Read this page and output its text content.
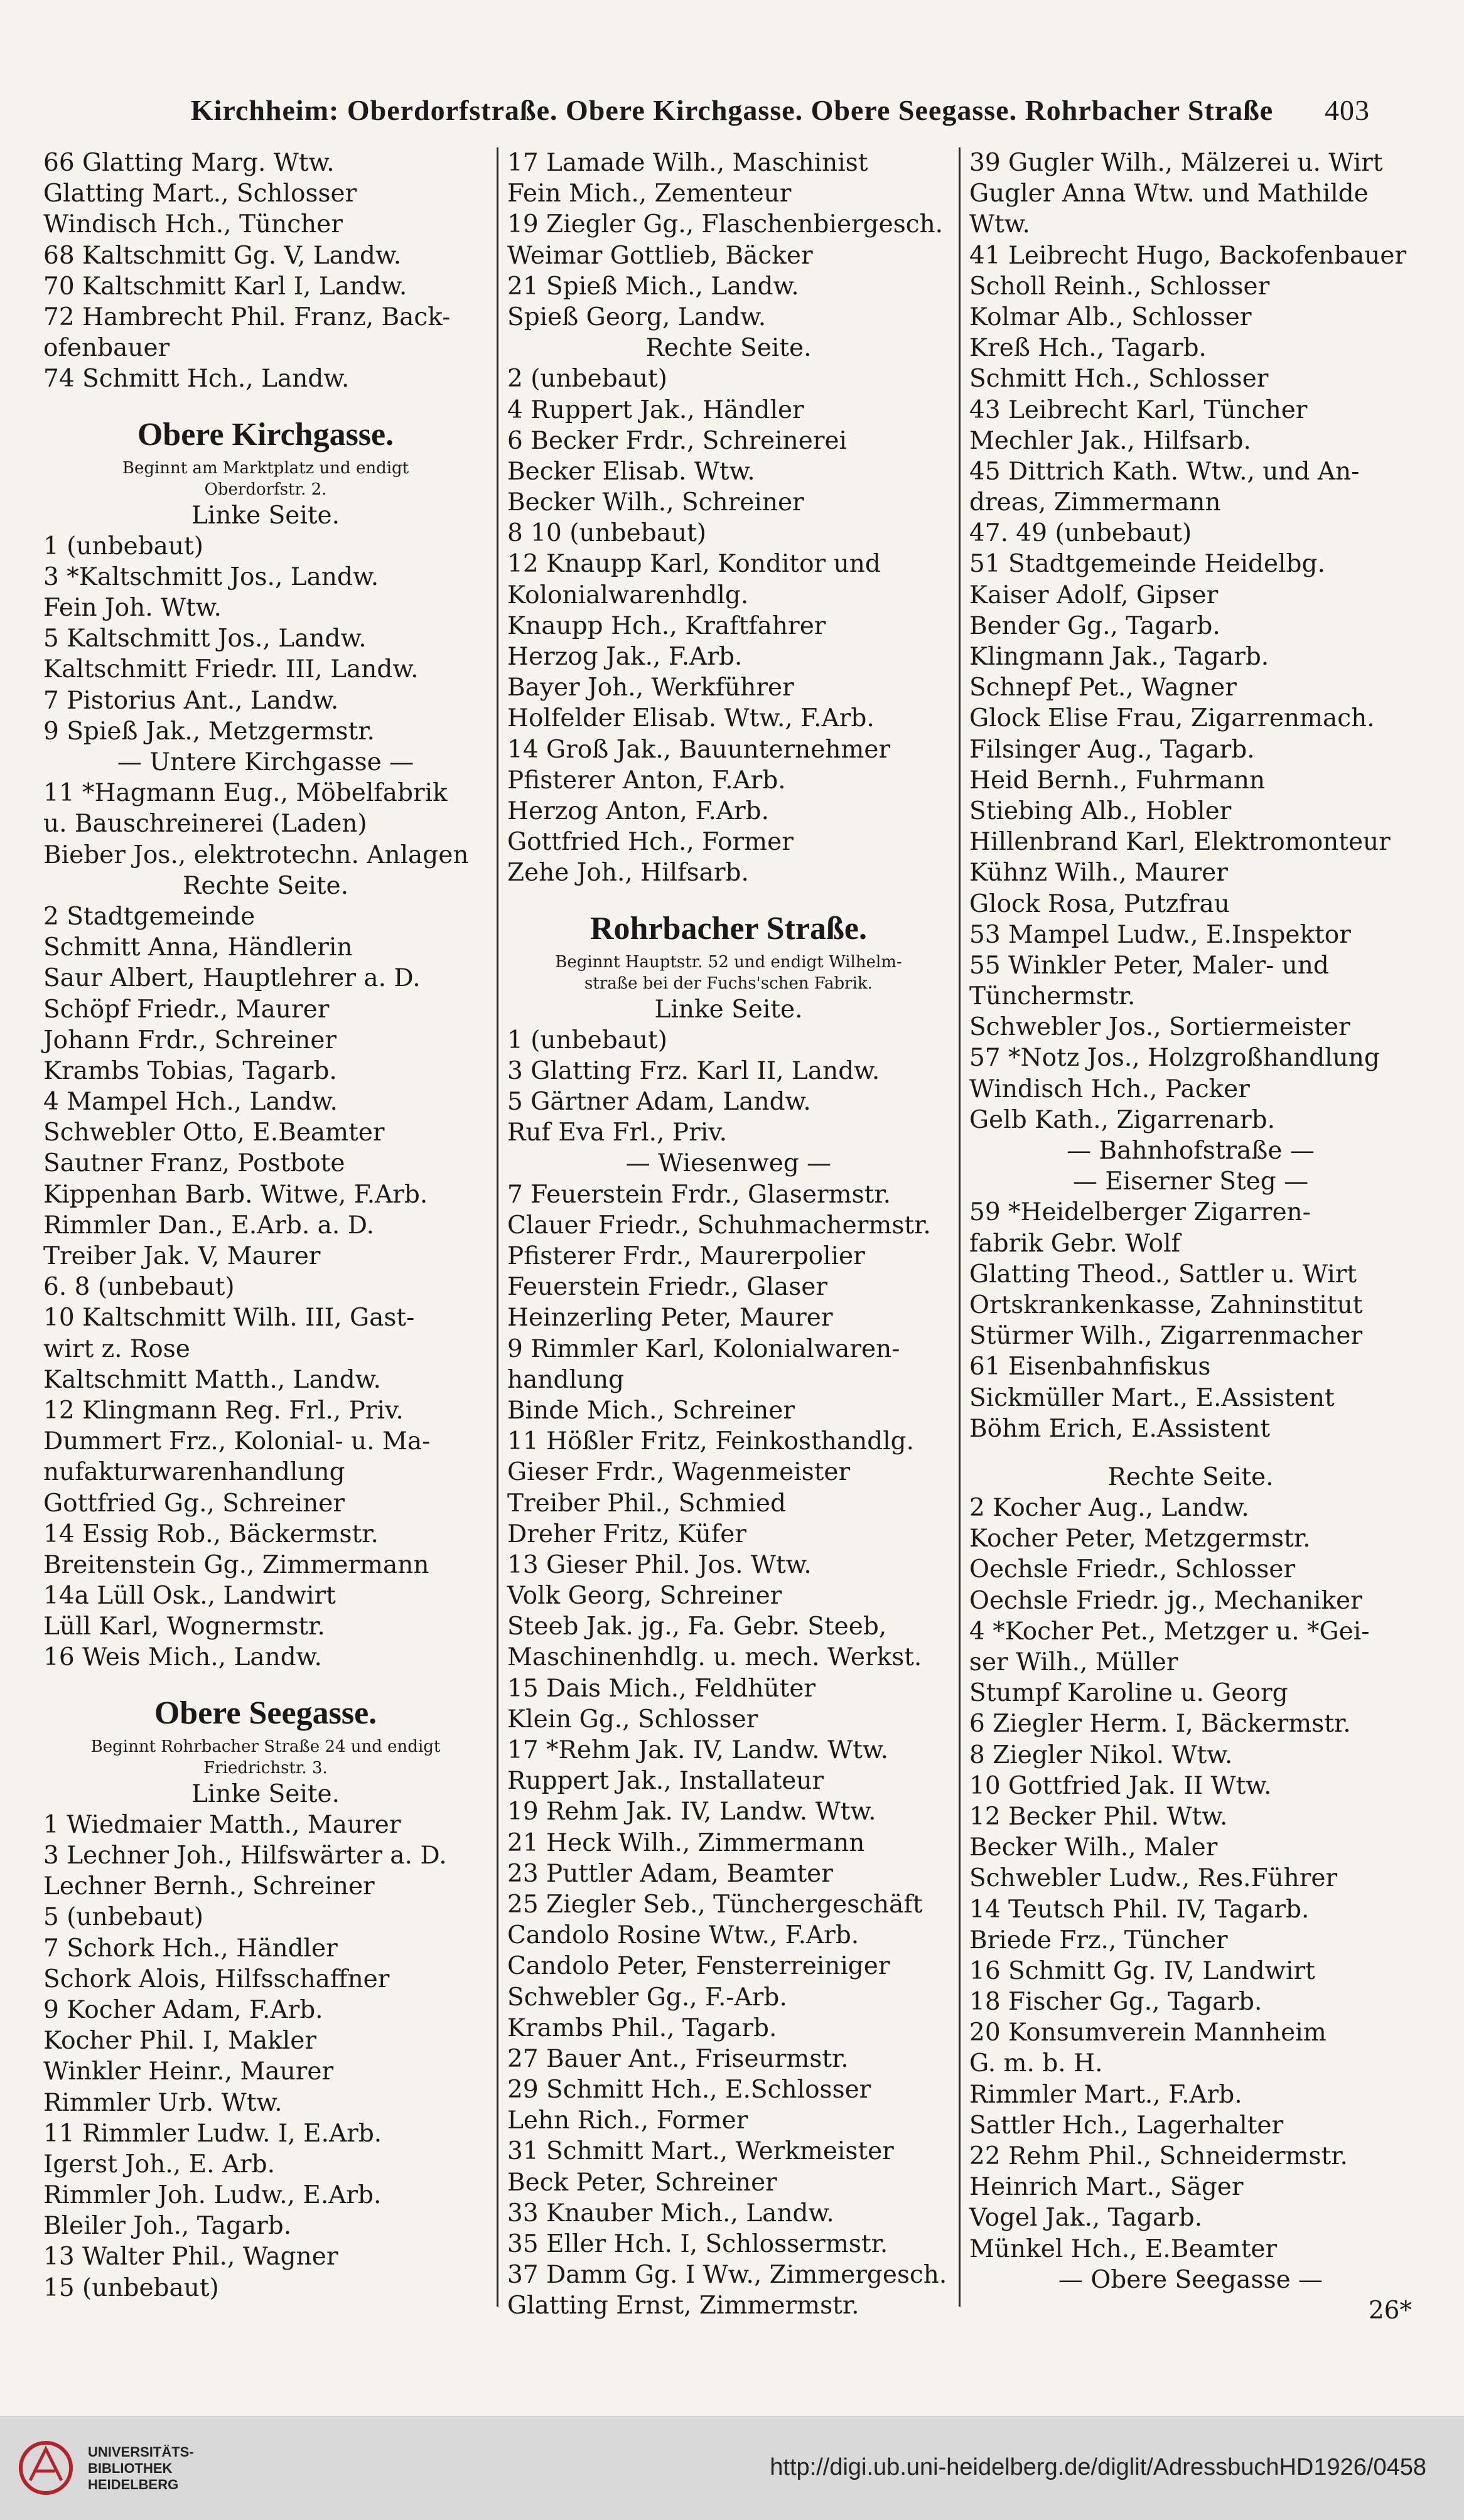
Kirchheim: Oberdorfstraße. Obere Kirchgasse. Obere Seegasse. Rohrbacher Straße 403
66 Glatting Marg. Wtw.
Glatting Mart., Schlosser
Windisch Hch., Tüncher
68 Kaltschmitt Gg. V, Landw.
70 Kaltschmitt Karl I, Landw.
72 Hambrecht Phil. Franz, Back-
ofenbauer
74 Schmitt Hch., Landw.
Obere Kirchgasse.
Beginnt am Marktplatz und endigt
Oberdorfstr. 2.
Linke Seite.
1 (unbebaut)
3 *Kaltschmitt Jos., Landw.
Fein Joh. Wtw.
5 Kaltschmitt Jos., Landw.
Kaltschmitt Friedr. III, Landw.
7 Pistorius Ant., Landw.
9 Spieß Jak., Metzgermstr.
— Untere Kirchgasse —
11 *Hagmann Eug., Möbelfabrik
u. Bauschreinerei (Laden)
Bieber Jos., elektrotechn. Anlagen
Rechte Seite.
2 Stadtgemeinde
Schmitt Anna, Händlerin
Saur Albert, Hauptlehrer a. D.
Schöpf Friedr., Maurer
Johann Frdr., Schreiner
Krambs Tobias, Tagarb.
4 Mampel Hch., Landw.
Schwebler Otto, E.Beamter
Sautner Franz, Postbote
Kippenhan Barb. Witwe, F.Arb.
Rimmler Dan., E.Arb. a. D.
Treiber Jak. V, Maurer
6. 8 (unbebaut)
10 Kaltschmitt Wilh. III, Gast-
wirt z. Rose
Kaltschmitt Matth., Landw.
12 Klingmann Reg. Frl., Priv.
Dummert Frz., Kolonial- u. Ma-
nufakturwarenhandlung
Gottfried Gg., Schreiner
14 Essig Rob., Bäckermstr.
Breitenstein Gg., Zimmermann
14a Lüll Osk., Landwirt
Lüll Karl, Wognermstr.
16 Weis Mich., Landw.
Obere Seegasse.
Beginnt Rohrbacher Straße 24 und endigt
Friedrichstr. 3.
Linke Seite.
1 Wiedmaier Matth., Maurer
3 Lechner Joh., Hilfswärter a. D.
Lechner Bernh., Schreiner
5 (unbebaut)
7 Schork Hch., Händler
Schork Alois, Hilfsschaffner
9 Kocher Adam, F.Arb.
Kocher Phil. I, Makler
Winkler Heinr., Maurer
Rimmler Urb. Wtw.
11 Rimmler Ludw. I, E.Arb.
Igerst Joh., E. Arb.
Rimmler Joh. Ludw., E.Arb.
Bleiler Joh., Tagarb.
13 Walter Phil., Wagner
15 (unbebaut)
17 Lamade Wilh., Maschinist
Fein Mich., Zementeur
19 Ziegler Gg., Flaschenbiergesch.
Weimar Gottlieb, Bäcker
21 Spieß Mich., Landw.
Spieß Georg, Landw.
Rechte Seite.
2 (unbebaut)
4 Ruppert Jak., Händler
6 Becker Frdr., Schreinerei
Becker Elisab. Wtw.
Becker Wilh., Schreiner
8 10 (unbebaut)
12 Knaupp Karl, Konditor und
Kolonialwarenhdlg.
Knaupp Hch., Kraftfahrer
Herzog Jak., F.Arb.
Bayer Joh., Werkführer
Holfelder Elisab. Wtw., F.Arb.
14 Groß Jak., Bauunternehmer
Pfisterer Anton, F.Arb.
Herzog Anton, F.Arb.
Gottfried Hch., Former
Zehe Joh., Hilfsarb.
Rohrbacher Straße.
Beginnt Hauptstr. 52 und endigt Wilhelm-
straße bei der Fuchs'schen Fabrik.
Linke Seite.
1 (unbebaut)
3 Glatting Frz. Karl II, Landw.
5 Gärtner Adam, Landw.
Ruf Eva Frl., Priv.
— Wiesenweg —
7 Feuerstein Frdr., Glasermstr.
Clauer Friedr., Schuhmachermstr.
Pfisterer Frdr., Maurerpolier
Feuerstein Friedr., Glaser
Heinzerling Peter, Maurer
9 Rimmler Karl, Kolonialwaren-
handlung
Binde Mich., Schreiner
11 Hößler Fritz, Feinkosthandlg.
Gieser Frdr., Wagenmeister
Treiber Phil., Schmied
Dreher Fritz, Küfer
13 Gieser Phil. Jos. Wtw.
Volk Georg, Schreiner
Steeb Jak. jg., Fa. Gebr. Steeb,
Maschinenhdlg. u. mech. Werkst.
15 Dais Mich., Feldhüter
Klein Gg., Schlosser
17 *Rehm Jak. IV, Landw. Wtw.
Ruppert Jak., Installateur
19 Rehm Jak. IV, Landw. Wtw.
21 Heck Wilh., Zimmermann
23 Puttler Adam, Beamter
25 Ziegler Seb., Tünchergeschäft
Candolo Rosine Wtw., F.Arb.
Candolo Peter, Fensterreiniger
Schwebler Gg., F.-Arb.
Krambs Phil., Tagarb.
27 Bauer Ant., Friseurmstr.
29 Schmitt Hch., E.Schlosser
Lehn Rich., Former
31 Schmitt Mart., Werkmeister
Beck Peter, Schreiner
33 Knauber Mich., Landw.
35 Eller Hch. I, Schlossermstr.
37 Damm Gg. I Ww., Zimmergesch.
Glatting Ernst, Zimmermstr.
39 Gugler Wilh., Mälzerei u. Wirt
Gugler Anna Wtw. und Mathilde
Wtw.
41 Leibrecht Hugo, Backofenbauer
Scholl Reinh., Schlosser
Kolmar Alb., Schlosser
Kreß Hch., Tagarb.
Schmitt Hch., Schlosser
43 Leibrecht Karl, Tüncher
Mechler Jak., Hilfsarb.
45 Dittrich Kath. Wtw., und An-
dreas, Zimmermann
47. 49 (unbebaut)
51 Stadtgemeinde Heidelbg.
Kaiser Adolf, Gipser
Bender Gg., Tagarb.
Klingmann Jak., Tagarb.
Schnepf Pet., Wagner
Glock Elise Frau, Zigarrenmach.
Filsinger Aug., Tagarb.
Heid Bernh., Fuhrmann
Stiebing Alb., Hobler
Hillenbrand Karl, Elektromonteur
Kühnz Wilh., Maurer
Glock Rosa, Putzfrau
53 Mampel Ludw., E.Inspektor
55 Winkler Peter, Maler- und
Tünchermstr.
Schwebler Jos., Sortiermeister
57 *Notz Jos., Holzgroßhandlung
Windisch Hch., Packer
Gelb Kath., Zigarrenarb.
— Bahnhofstraße —
— Eiserner Steg —
59 *Heidelberger Zigarren-
fabrik Gebr. Wolf
Glatting Theod., Sattler u. Wirt
Ortskrankenkasse, Zahninstitut
Stürmer Wilh., Zigarrenmacher
61 Eisenbahnfiskus
Sickmüller Mart., E.Assistent
Böhm Erich, E.Assistent
Rechte Seite.
2 Kocher Aug., Landw.
Kocher Peter, Metzgermstr.
Oechsle Friedr., Schlosser
Oechsle Friedr. jg., Mechaniker
4 *Kocher Pet., Metzger u. *Gei-
ser Wilh., Müller
Stumpf Karoline u. Georg
6 Ziegler Herm. I, Bäckermstr.
8 Ziegler Nikol. Wtw.
10 Gottfried Jak. II Wtw.
12 Becker Phil. Wtw.
Becker Wilh., Maler
Schwebler Ludw., Res.Führer
14 Teutsch Phil. IV, Tagarb.
Briede Frz., Tüncher
16 Schmitt Gg. IV, Landwirt
18 Fischer Gg., Tagarb.
20 Konsumverein Mannheim
G. m. b. H.
Rimmler Mart., F.Arb.
Sattler Hch., Lagerhalter
22 Rehm Phil., Schneidermstr.
Heinrich Mart., Säger
Vogel Jak., Tagarb.
Münkel Hch., E.Beamter
— Obere Seegasse —
26*
UNIVERSITÄTS-
BIBLIOTHEK
HEIDELBERG
http://digi.ub.uni-heidelberg.de/diglit/AdressbuchHD1926/0458
